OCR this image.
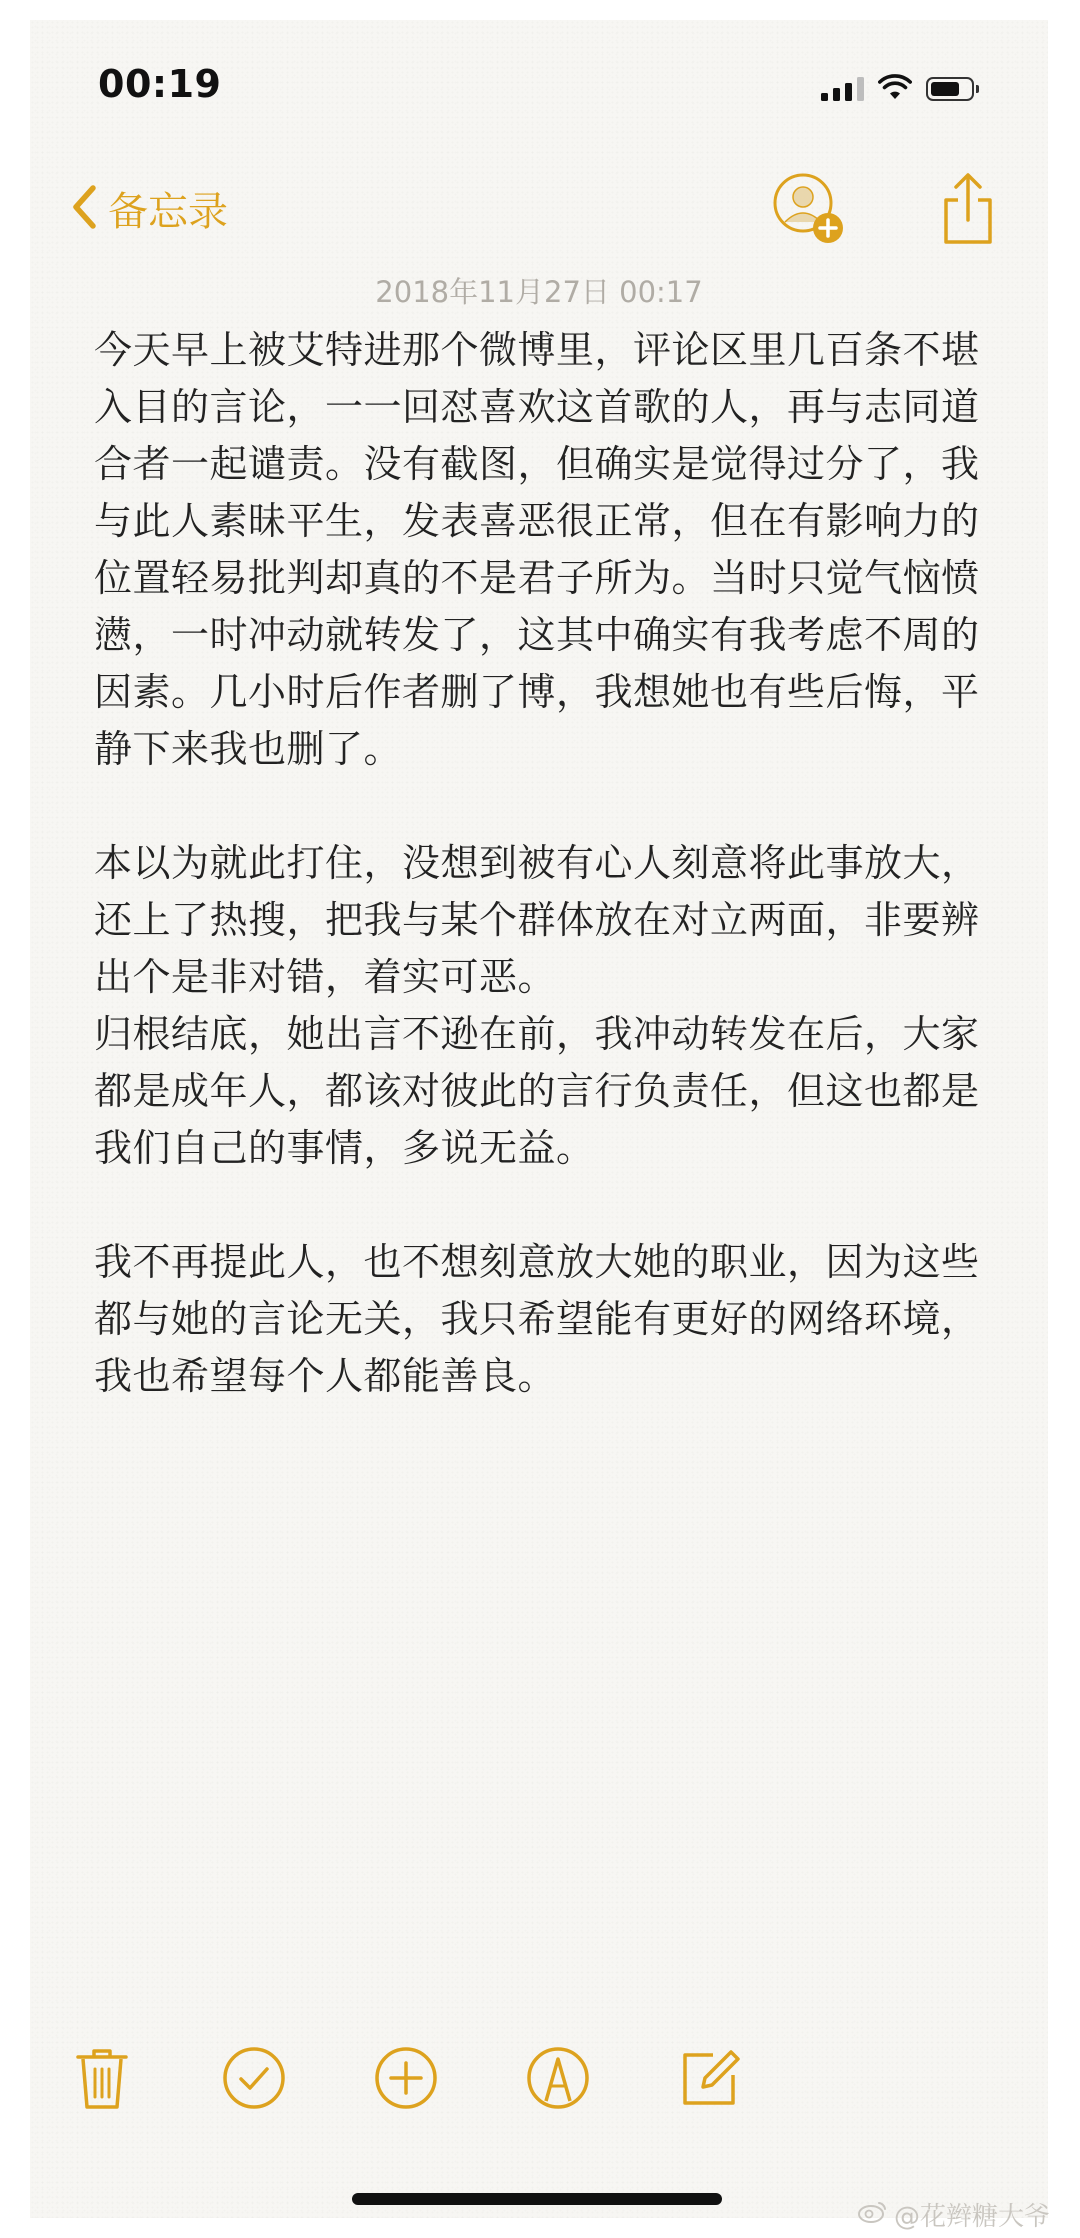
00:19
备忘录
2018年11月27日 00:17

今天早上被艾特进那个微博里，评论区里几百条不堪入目的言论，一一回怼喜欢这首歌的人，再与志同道合者一起谴责。没有截图，但确实是觉得过分了，我与此人素昧平生，发表喜恶很正常，但在有影响力的位置轻易批判却真的不是君子所为。当时只觉气恼愤懑，一时冲动就转发了，这其中确实有我考虑不周的因素。几小时后作者删了博，我想她也有些后悔，平静下来我也删了。

本以为就此打住，没想到被有心人刻意将此事放大，还上了热搜，把我与某个群体放在对立两面，非要辨出个是非对错，着实可恶。
归根结底，她出言不逊在前，我冲动转发在后，大家都是成年人，都该对彼此的言行负责任，但这也都是我们自己的事情，多说无益。

我不再提此人，也不想刻意放大她的职业，因为这些都与她的言论无关，我只希望能有更好的网络环境，我也希望每个人都能善良。

@花辫糖大爷
